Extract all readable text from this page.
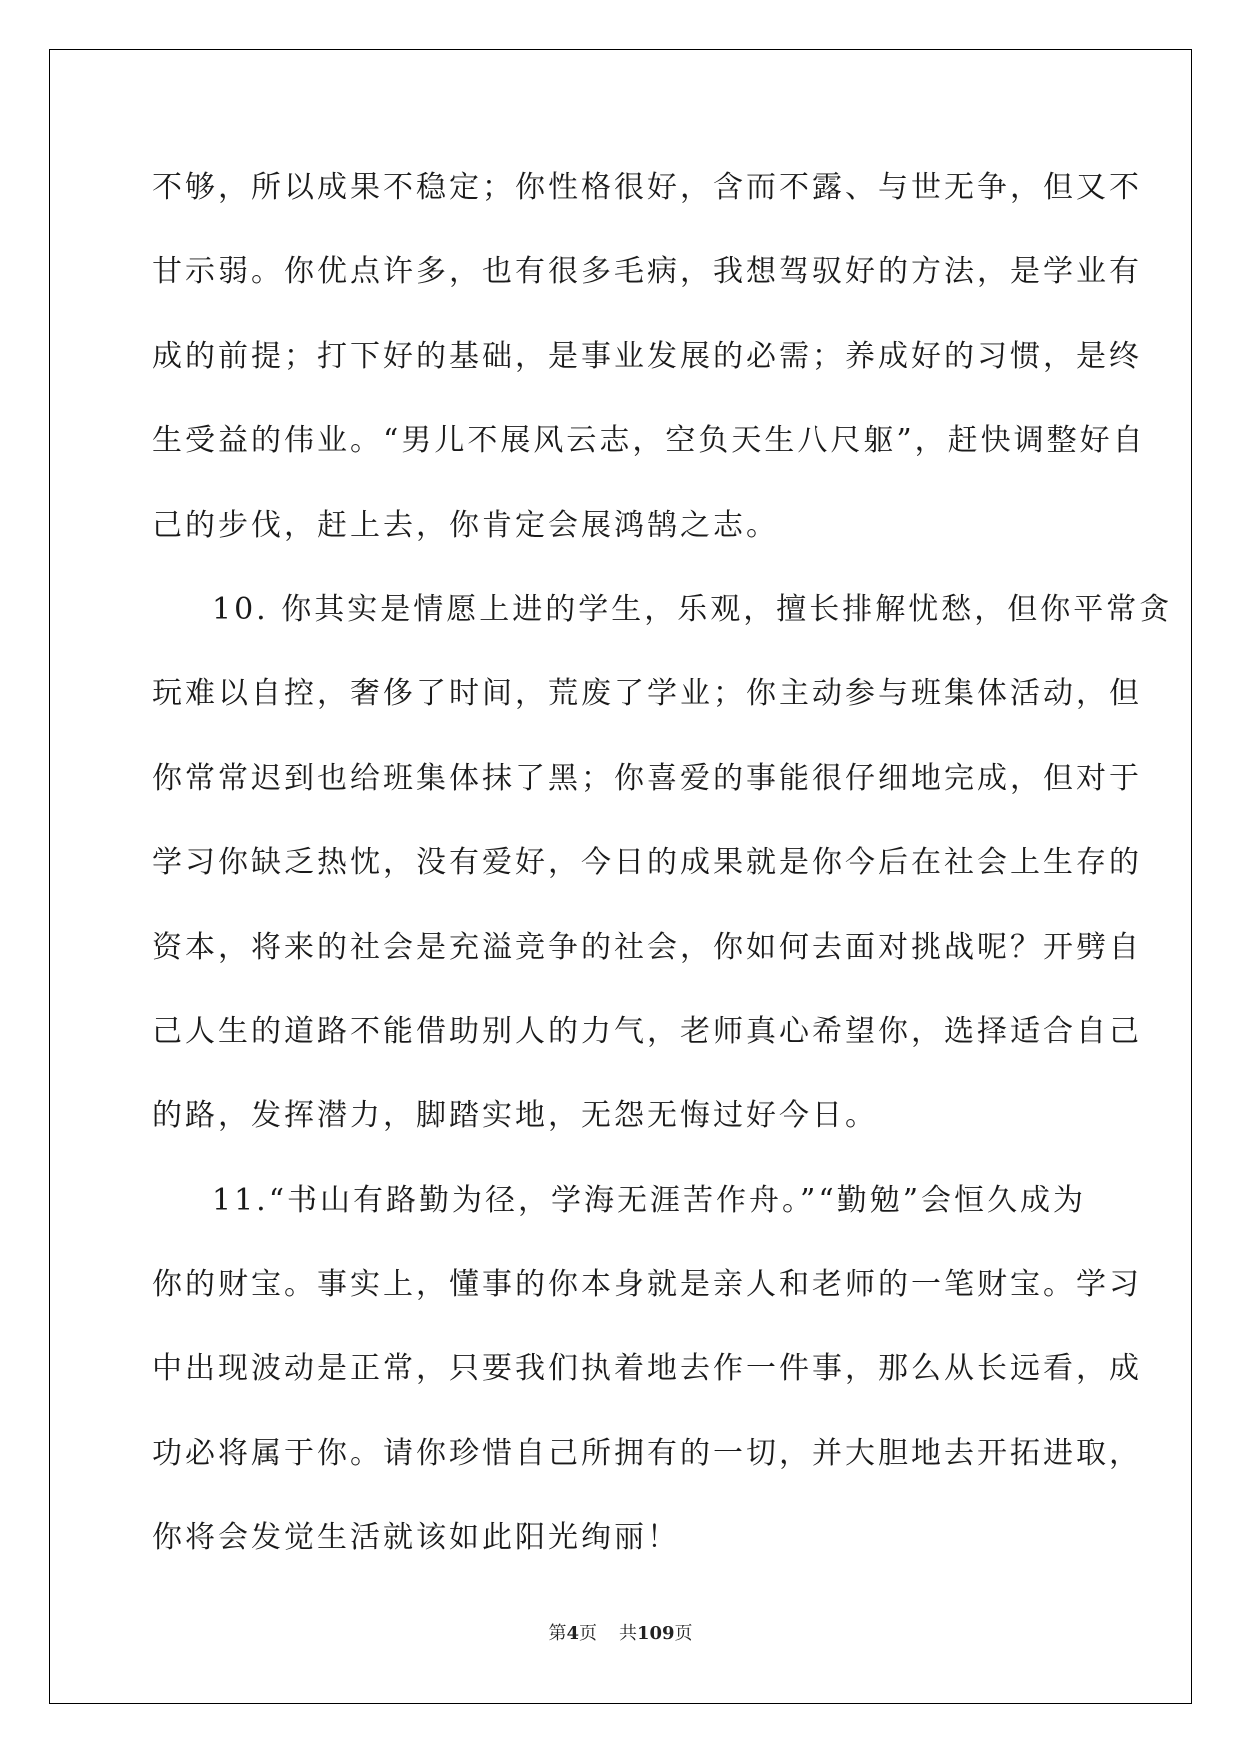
不够，所以成果不稳定；你性格很好，含而不露、与世无争，但又不
甘示弱。你优点许多，也有很多毛病，我想驾驭好的方法，是学业有
成的前提；打下好的基础，是事业发展的必需；养成好的习惯，是终
生受益的伟业。“男儿不展风云志，空负天生八尺躯”，赶快调整好自
己的步伐，赶上去，你肯定会展鸿鹄之志。
10. 你其实是情愿上进的学生，乐观，擅长排解忧愁，但你平常贪
玩难以自控，奢侈了时间，荒废了学业；你主动参与班集体活动，但
你常常迟到也给班集体抹了黑；你喜爱的事能很仔细地完成，但对于
学习你缺乏热忱，没有爱好，今日的成果就是你今后在社会上生存的
资本，将来的社会是充溢竞争的社会，你如何去面对挑战呢？开劈自
己人生的道路不能借助别人的力气，老师真心希望你，选择适合自己
的路，发挥潜力，脚踏实地，无怨无悔过好今日。
11.“书山有路勤为径，学海无涯苦作舟。”“勤勉”会恒久成为
你的财宝。事实上，懂事的你本身就是亲人和老师的一笔财宝。学习
中出现波动是正常，只要我们执着地去作一件事，那么从长远看，成
功必将属于你。请你珍惜自己所拥有的一切，并大胆地去开拓进取，
你将会发觉生活就该如此阳光绚丽！
第4页 共109页
